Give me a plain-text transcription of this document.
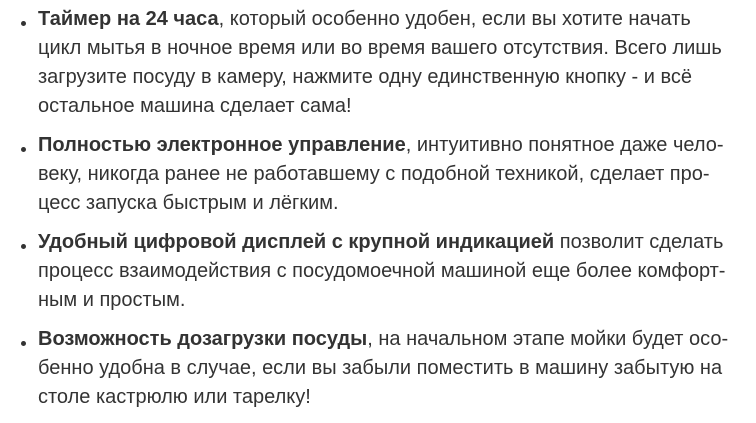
Таймер на 24 часа, который особенно удобен, если вы хотите начать цикл мытья в ночное время или во время вашего отсутствия. Всего лишь загрузите посуду в камеру, нажмите одну единственную кнопку - и всё остальное машина сделает сама!
Полностью электронное управление, интуитивно понятное даже человеку, никогда ранее не работавшему с подобной техникой, сделает процесс запуска быстрым и лёгким.
Удобный цифровой дисплей с крупной индикацией позволит сделать процесс взаимодействия с посудомоечной машиной еще более комфортным и простым.
Возможность дозагрузки посуды, на начальном этапе мойки будет особенно удобна в случае, если вы забыли поместить в машину забытую на столе кастрюлю или тарелку!
